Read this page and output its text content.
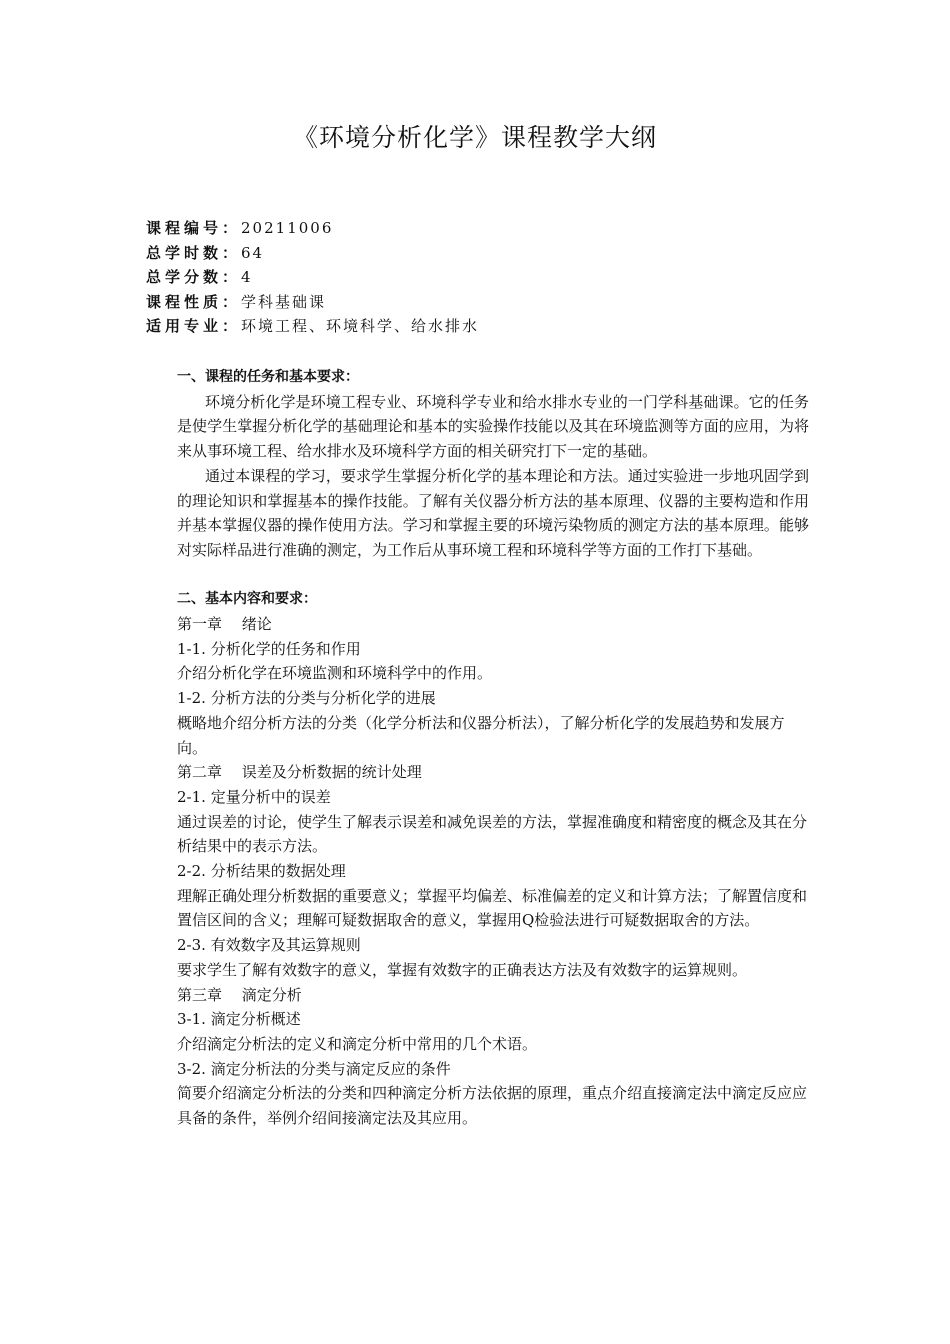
《环境分析化学》课程教学大纲
课程编号：20211006
总学时数：64
总学分数：4
课程性质：学科基础课
适用专业：环境工程、环境科学、给水排水
一、课程的任务和基本要求：

环境分析化学是环境工程专业、环境科学专业和给水排水专业的一门学科基础课。它的任务是使学生掌握分析化学的基础理论和基本的实验操作技能以及其在环境监测等方面的应用，为将来从事环境工程、给水排水及环境科学方面的相关研究打下一定的基础。

通过本课程的学习，要求学生掌握分析化学的基本理论和方法。通过实验进一步地巩固学到的理论知识和掌握基本的操作技能。了解有关仪器分析方法的基本原理、仪器的主要构造和作用并基本掌握仪器的操作使用方法。学习和掌握主要的环境污染物质的测定方法的基本原理。能够对实际样品进行准确的测定，为工作后从事环境工程和环境科学等方面的工作打下基础。

二、基本内容和要求：

第一章　 绪论

1-1. 分析化学的任务和作用

介绍分析化学在环境监测和环境科学中的作用。

1-2. 分析方法的分类与分析化学的进展

概略地介绍分析方法的分类（化学分析法和仪器分析法），了解分析化学的发展趋势和发展方向。

第二章　 误差及分析数据的统计处理

2-1. 定量分析中的误差

通过误差的讨论，使学生了解表示误差和减免误差的方法，掌握准确度和精密度的概念及其在分析结果中的表示方法。

2-2. 分析结果的数据处理

理解正确处理分析数据的重要意义；掌握平均偏差、标准偏差的定义和计算方法；了解置信度和置信区间的含义；理解可疑数据取舍的意义，掌握用Q检验法进行可疑数据取舍的方法。

2-3. 有效数字及其运算规则

要求学生了解有效数字的意义，掌握有效数字的正确表达方法及有效数字的运算规则。

第三章　 滴定分析

3-1. 滴定分析概述

介绍滴定分析法的定义和滴定分析中常用的几个术语。

3-2. 滴定分析法的分类与滴定反应的条件

简要介绍滴定分析法的分类和四种滴定分析方法依据的原理，重点介绍直接滴定法中滴定反应应具备的条件，举例介绍间接滴定法及其应用。
